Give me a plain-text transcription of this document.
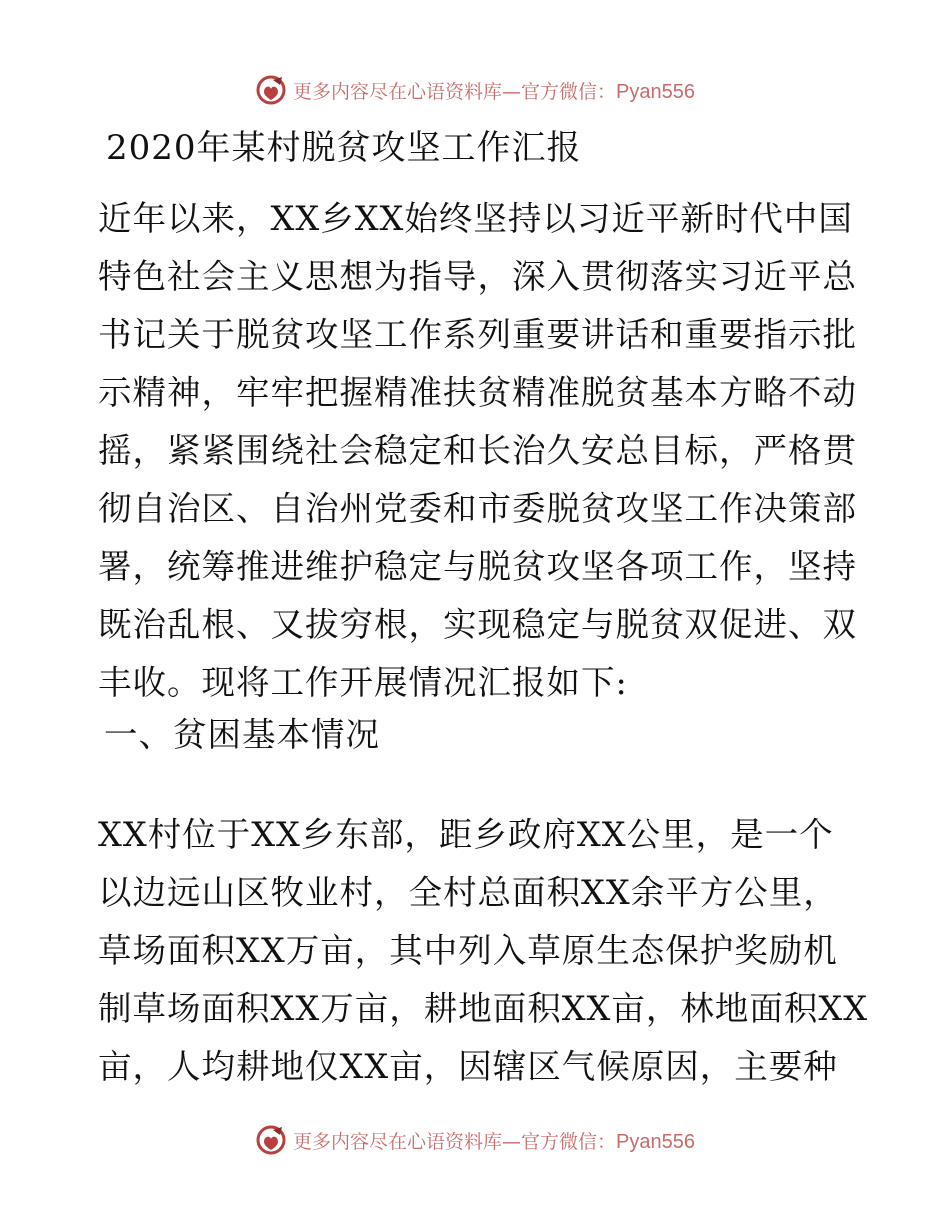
更多内容尽在心语资料库—官方微信：Pyan556
2020年某村脱贫攻坚工作汇报
近年以来，XX乡XX始终坚持以习近平新时代中国
特色社会主义思想为指导，深入贯彻落实习近平总
书记关于脱贫攻坚工作系列重要讲话和重要指示批
示精神，牢牢把握精准扶贫精准脱贫基本方略不动
摇，紧紧围绕社会稳定和长治久安总目标，严格贯
彻自治区、自治州党委和市委脱贫攻坚工作决策部
署，统筹推进维护稳定与脱贫攻坚各项工作，坚持
既治乱根、又拔穷根，实现稳定与脱贫双促进、双
丰收。现将工作开展情况汇报如下:
一、贫困基本情况
XX村位于XX乡东部，距乡政府XX公里，是一个
以边远山区牧业村，全村总面积XX余平方公里，
草场面积XX万亩，其中列入草原生态保护奖励机
制草场面积XX万亩，耕地面积XX亩，林地面积XX
亩，人均耕地仅XX亩，因辖区气候原因，主要种
更多内容尽在心语资料库—官方微信：Pyan556
